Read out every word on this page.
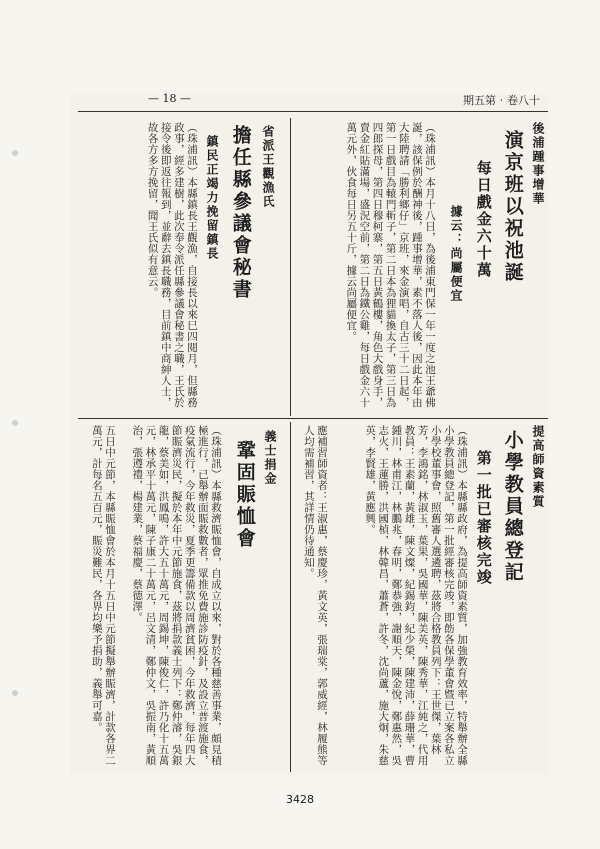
— 18 —	期五第‧卷八十
後浦踵事增華
演京班以祝池誕
每日戲金六十萬
據云：尚屬便宜
（珠浦訊）本月十八日，為後浦東門保一年一度之池王爺佛誕，該保例於酬神後，踵事增華，素不落人後，因此本年由大陸聘請「勝利鄉仔」京班，來金演唱，自古三十二日起，第一日戲目為轅門斬子，第二日本為狸貓換太子，第三日為四郎探母，第四日穆柯寨，第五日黃鶴樓，角色大戲身手，賣金紅貼滿場，盛況空前，第二日為鐵公雞，每日戲金六十萬元外，伙食每日另五十斤，據云尚屬便宜。
省派王觀漁氏
擔任縣參議會秘書
鎮民正竭力挽留鎮長
（珠浦訊）本縣鎮長王觀漁，自接長以來巳四閱月，但縣務政事，經多建樹，此次奉令派任縣參議會秘書之職，王氏於接令後即返往報到，並辭去鎮長職務，目前鎮中商紳人士，故各方多方挽留，聞王氏似有意云。
提高師資素質
小學教員總登記
第一批已審核完竣
（珠浦訊）本縣縣政府，為提高師資素質，加強教育效率，特舉辦全縣小學教員總登記，第一批經審核完竣，即飭各保學董會暨已立案各私立小學校董事會，照舊審人選遴聘，茲將合格教員列下：王世傑，葉林芳，李鴻銘，林淑玉，葉果，吳國華，陳美英，陳秀華，江純之，代用教員：王素蘭，黃雄，陳文燦，紀錫鈞，紀少榮，陳建沛，薛珊華，曹鍾川，林甫江，林鵬兆，春明，鄭恭強，謝順天，陳金悅，鄭惠然，吳志火，王蓮勝，洪國楨，林韓昌，蕭蒼，許冬，沈尚蘆，施大炯，朱慈英，李賢雄，黃應興。
應補習師資者：王淑惠，蔡慶珍，黃文英，張瑞棠，郭威經，林履熊等人均需補習，其詳情仍待通知。
義士捐金
鞏固賑恤會
（珠浦訊）本縣救濟賑恤會，自成立以來，對於各種慈善事業，頗見積極進行，已舉辦面賑救數者，眾推免費施診防疫針，及設立普渡施食，疫氣流行，今年救災，夏季更籌備款以周濟貧困，今年救濟，每年四大節賑濟災民，擬於本年中元節施食，茲將捐款義士列下：鄭仲濬，吳銀龍，蔡美如，洪鳳鳴，許大五十萬元，周錫坤，陳俊仁，許乃化十五萬元，林承平十萬元，陳子康二十萬元，呂文清，鄭仲文，吳振南，黃順治，張遵禮，楊建業，蔡福慶，蔡德澤。
五日中元節，本縣賑恤會於本月十五日中元節擬舉辦賑濟，計款各界二萬元，計每名五百元，賑災難民，各界均樂予捐助，義舉可嘉。
3428
